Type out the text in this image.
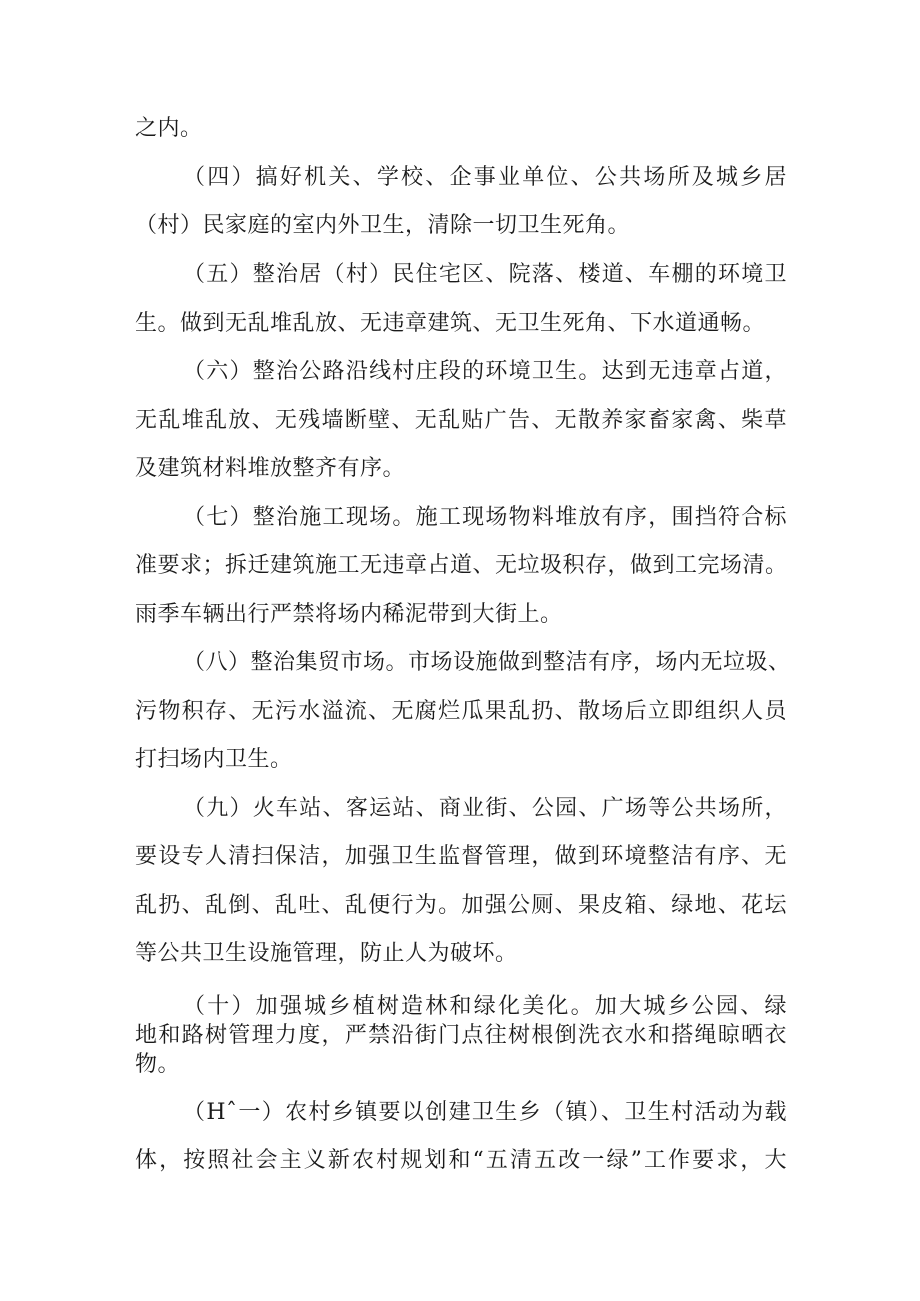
之内。
（四）搞好机关、学校、企事业单位、公共场所及城乡居
（村）民家庭的室内外卫生，清除一切卫生死角。
（五）整治居（村）民住宅区、院落、楼道、车棚的环境卫
生。做到无乱堆乱放、无违章建筑、无卫生死角、下水道通畅。
（六）整治公路沿线村庄段的环境卫生。达到无违章占道，
无乱堆乱放、无残墙断壁、无乱贴广告、无散养家畜家禽、柴草
及建筑材料堆放整齐有序。
（七）整治施工现场。施工现场物料堆放有序，围挡符合标
准要求；拆迁建筑施工无违章占道、无垃圾积存，做到工完场清。
雨季车辆出行严禁将场内稀泥带到大街上。
（八）整治集贸市场。市场设施做到整洁有序，场内无垃圾、
污物积存、无污水溢流、无腐烂瓜果乱扔、散场后立即组织人员
打扫场内卫生。
（九）火车站、客运站、商业街、公园、广场等公共场所，
要设专人清扫保洁，加强卫生监督管理，做到环境整洁有序、无
乱扔、乱倒、乱吐、乱便行为。加强公厕、果皮箱、绿地、花坛
等公共卫生设施管理，防止人为破坏。
（十）加强城乡植树造林和绿化美化。加大城乡公园、绿
地和路树管理力度，严禁沿街门点往树根倒洗衣水和搭绳晾晒衣
物。
（Hˆ一）农村乡镇要以创建卫生乡（镇）、卫生村活动为载
体，按照社会主义新农村规划和“五清五改一绿”工作要求，大
